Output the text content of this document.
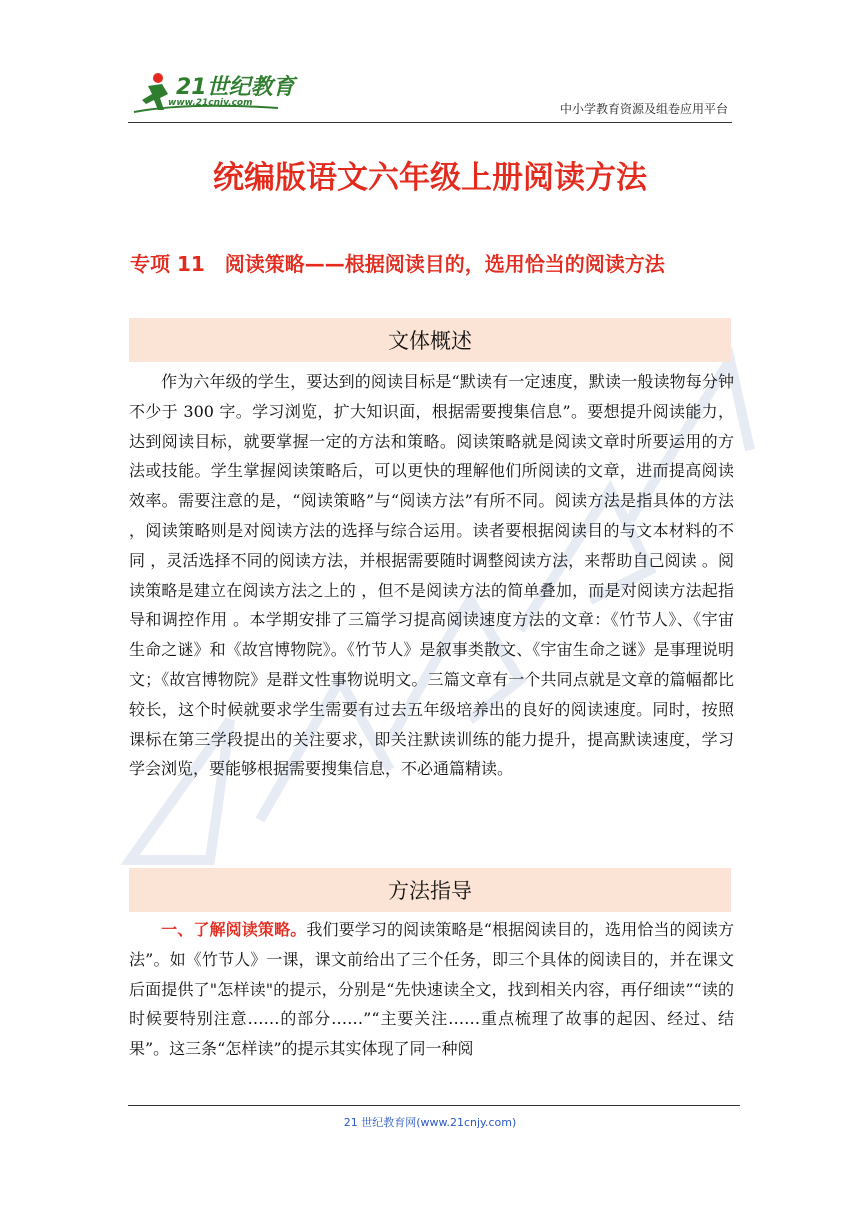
21世纪教育
www.21cnjy.com	中小学教育资源及组卷应用平台
统编版语文六年级上册阅读方法
专项 11　阅读策略——根据阅读目的，选用恰当的阅读方法
文体概述
作为六年级的学生，要达到的阅读目标是“默读有一定速度，默读一般读物每分钟不少于 300 字。学习浏览，扩大知识面，根据需要搜集信息”。要想提升阅读能力，达到阅读目标，就要掌握一定的方法和策略。阅读策略就是阅读文章时所要运用的方法或技能。学生掌握阅读策略后，可以更快的理解他们所阅读的文章，进而提高阅读效率。需要注意的是，“阅读策略”与“阅读方法”有所不同。阅读方法是指具体的方法 ，阅读策略则是对阅读方法的选择与综合运用。读者要根据阅读目的与文本材料的不同 ，灵活选择不同的阅读方法，并根据需要随时调整阅读方法，来帮助自己阅读 。阅读策略是建立在阅读方法之上的 ，但不是阅读方法的简单叠加，而是对阅读方法起指导和调控作用 。本学期安排了三篇学习提高阅读速度方法的文章：《竹节人》、《宇宙生命之谜》和《故宫博物院》。《竹节人》是叙事类散文、《宇宙生命之谜》是事理说明文；《故宫博物院》是群文性事物说明文。三篇文章有一个共同点就是文章的篇幅都比较长，这个时候就要求学生需要有过去五年级培养出的良好的阅读速度。同时，按照课标在第三学段提出的关注要求，即关注默读训练的能力提升，提高默读速度，学习学会浏览，要能够根据需要搜集信息，不必通篇精读。
方法指导
一、了解阅读策略。我们要学习的阅读策略是“根据阅读目的，选用恰当的阅读方法”。如《竹节人》一课，课文前给出了三个任务，即三个具体的阅读目的，并在课文后面提供了"怎样读"的提示，分别是“先快速读全文，找到相关内容，再仔细读”“读的时候要特别注意……的部分……”“主要关注……重点梳理了故事的起因、经过、结果”。这三条“怎样读”的提示其实体现了同一种阅
21 世纪教育网(www.21cnjy.com)
